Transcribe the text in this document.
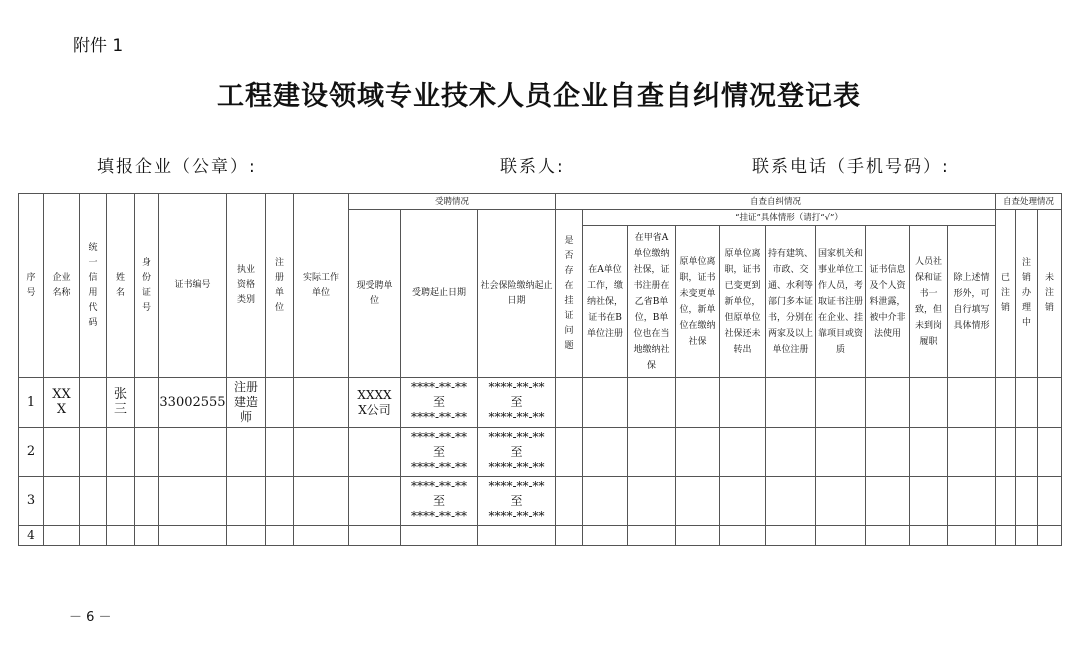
附件 1
工程建设领域专业技术人员企业自查自纠情况登记表
填报企业（公章）:	联系人:	联系电话（手机号码）:
序号	企业名称	统一信用代码	姓名	身份证号	证书编号	执业资格类别	注册单位	实际工作单位	受聘情况			自查自纠情况										自查处理情况		
									现受聘单位	受聘起止日期	社会保险缴纳起止日期	是否存在挂证问题	“挂证”具体情形（请打“√”）									已注销	注销办理中	未注销
													在A单位工作，缴纳社保，证书在B单位注册	在甲省A单位缴纳社保，证书注册在乙省B单位，B单位也在当地缴纳社保	原单位离职，证书未变更单位，新单位在缴纳社保	原单位离职，证书已变更到新单位，但原单位社保还未转出	持有建筑、市政、交通、水利等部门多本证书，分别在两家及以上单位注册	国家机关和事业单位工作人员，考取证书注册在企业、挂靠项目或资质	证书信息及个人资料泄露，被中介非法使用	人员社保和证书一致，但未到岗履职	除上述情形外，可自行填写具体情形			
1	XXX		张三		33002555	注册建造师			XXXXX公司	****-**-**
至
****-**-**	****-**-**
至
****-**-**													

2										****-**-**
至
****-**-**	****-**-**
至
****-**-**													

3										****-**-**
至
****-**-**	****-**-**
至
****-**-**													

4																								
－ 6 －
